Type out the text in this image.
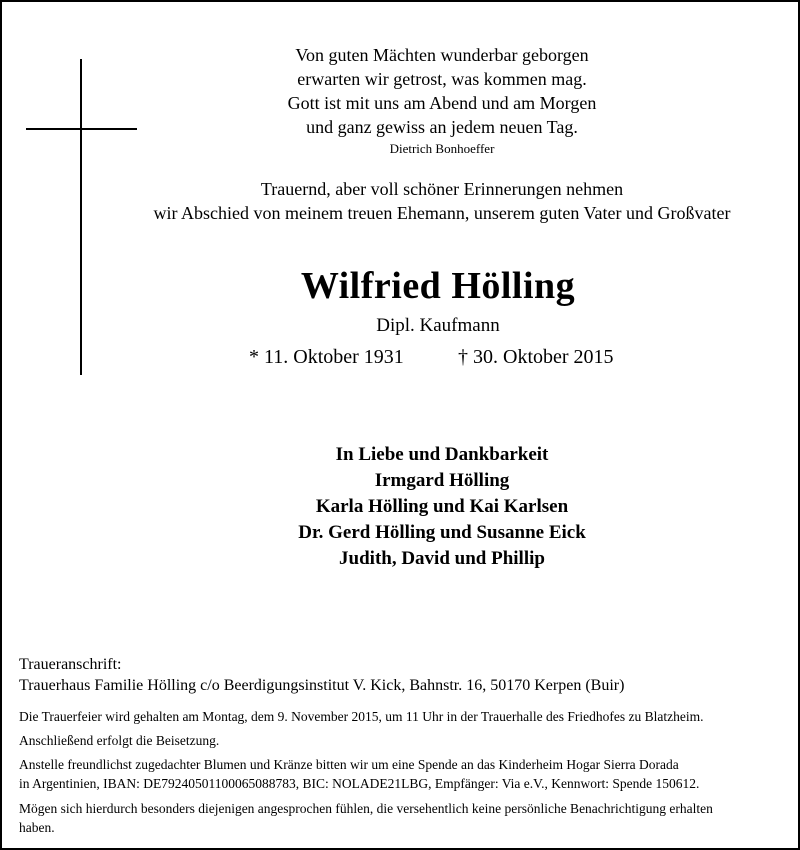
Von guten Mächten wunderbar geborgen
erwarten wir getrost, was kommen mag.
Gott ist mit uns am Abend und am Morgen
und ganz gewiss an jedem neuen Tag.
Dietrich Bonhoeffer
Trauernd, aber voll schöner Erinnerungen nehmen
wir Abschied von meinem treuen Ehemann, unserem guten Vater und Großvater
Wilfried Hölling
Dipl. Kaufmann
* 11. Oktober 1931	† 30. Oktober 2015
In Liebe und Dankbarkeit
Irmgard Hölling
Karla Hölling und Kai Karlsen
Dr. Gerd Hölling und Susanne Eick
Judith, David und Phillip
Traueranschrift:
Trauerhaus Familie Hölling c/o Beerdigungsinstitut V. Kick, Bahnstr. 16, 50170 Kerpen (Buir)
Die Trauerfeier wird gehalten am Montag, dem 9. November 2015, um 11 Uhr in der Trauerhalle des Friedhofes zu Blatzheim.
Anschließend erfolgt die Beisetzung.
Anstelle freundlichst zugedachter Blumen und Kränze bitten wir um eine Spende an das Kinderheim Hogar Sierra Dorada
in Argentinien, IBAN: DE79240501100065088783, BIC: NOLADE21LBG, Empfänger: Via e.V., Kennwort: Spende 150612.
Mögen sich hierdurch besonders diejenigen angesprochen fühlen, die versehentlich keine persönliche Benachrichtigung erhalten
haben.
